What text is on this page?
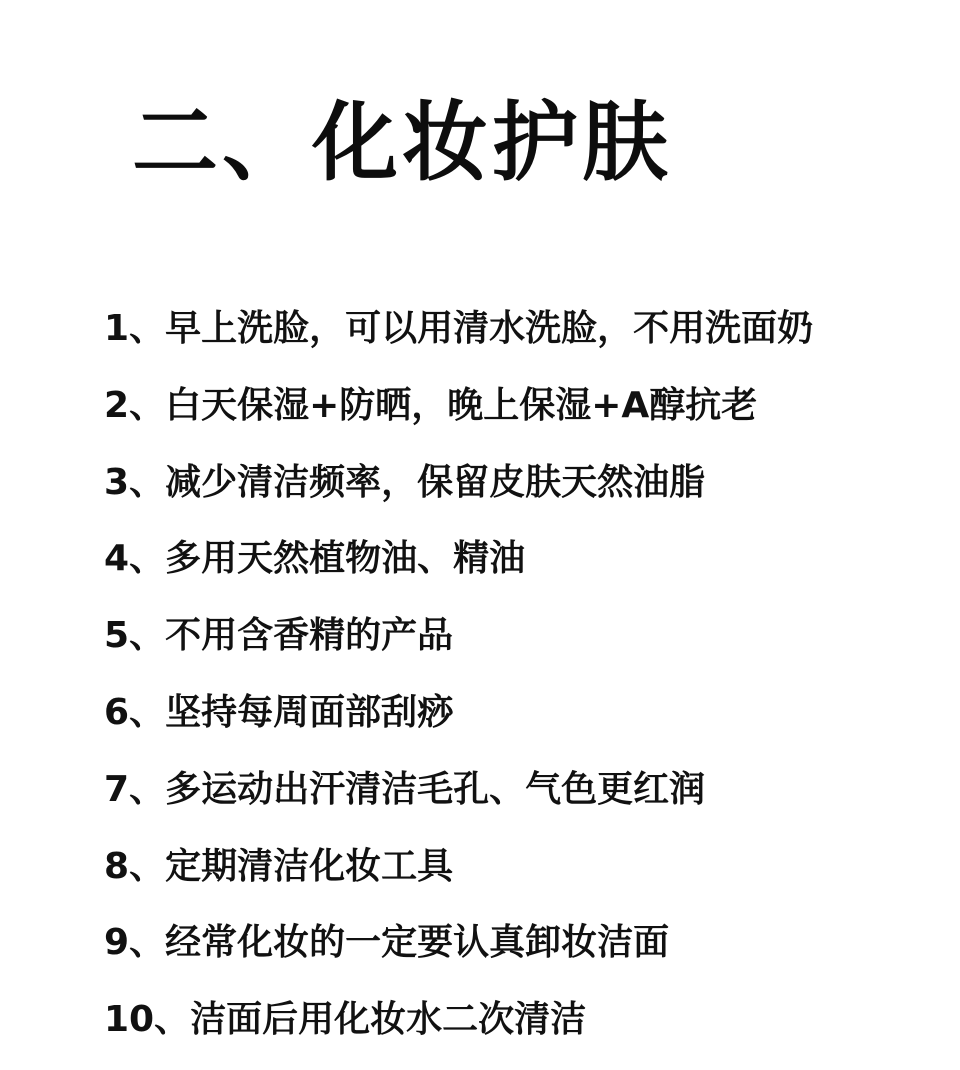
二、化妆护肤
1、早上洗脸，可以用清水洗脸，不用洗面奶
2、白天保湿+防晒，晚上保湿+A醇抗老
3、减少清洁频率，保留皮肤天然油脂
4、多用天然植物油、精油
5、不用含香精的产品
6、坚持每周面部刮痧
7、多运动出汗清洁毛孔、气色更红润
8、定期清洁化妆工具
9、经常化妆的一定要认真卸妆洁面
10、洁面后用化妆水二次清洁
